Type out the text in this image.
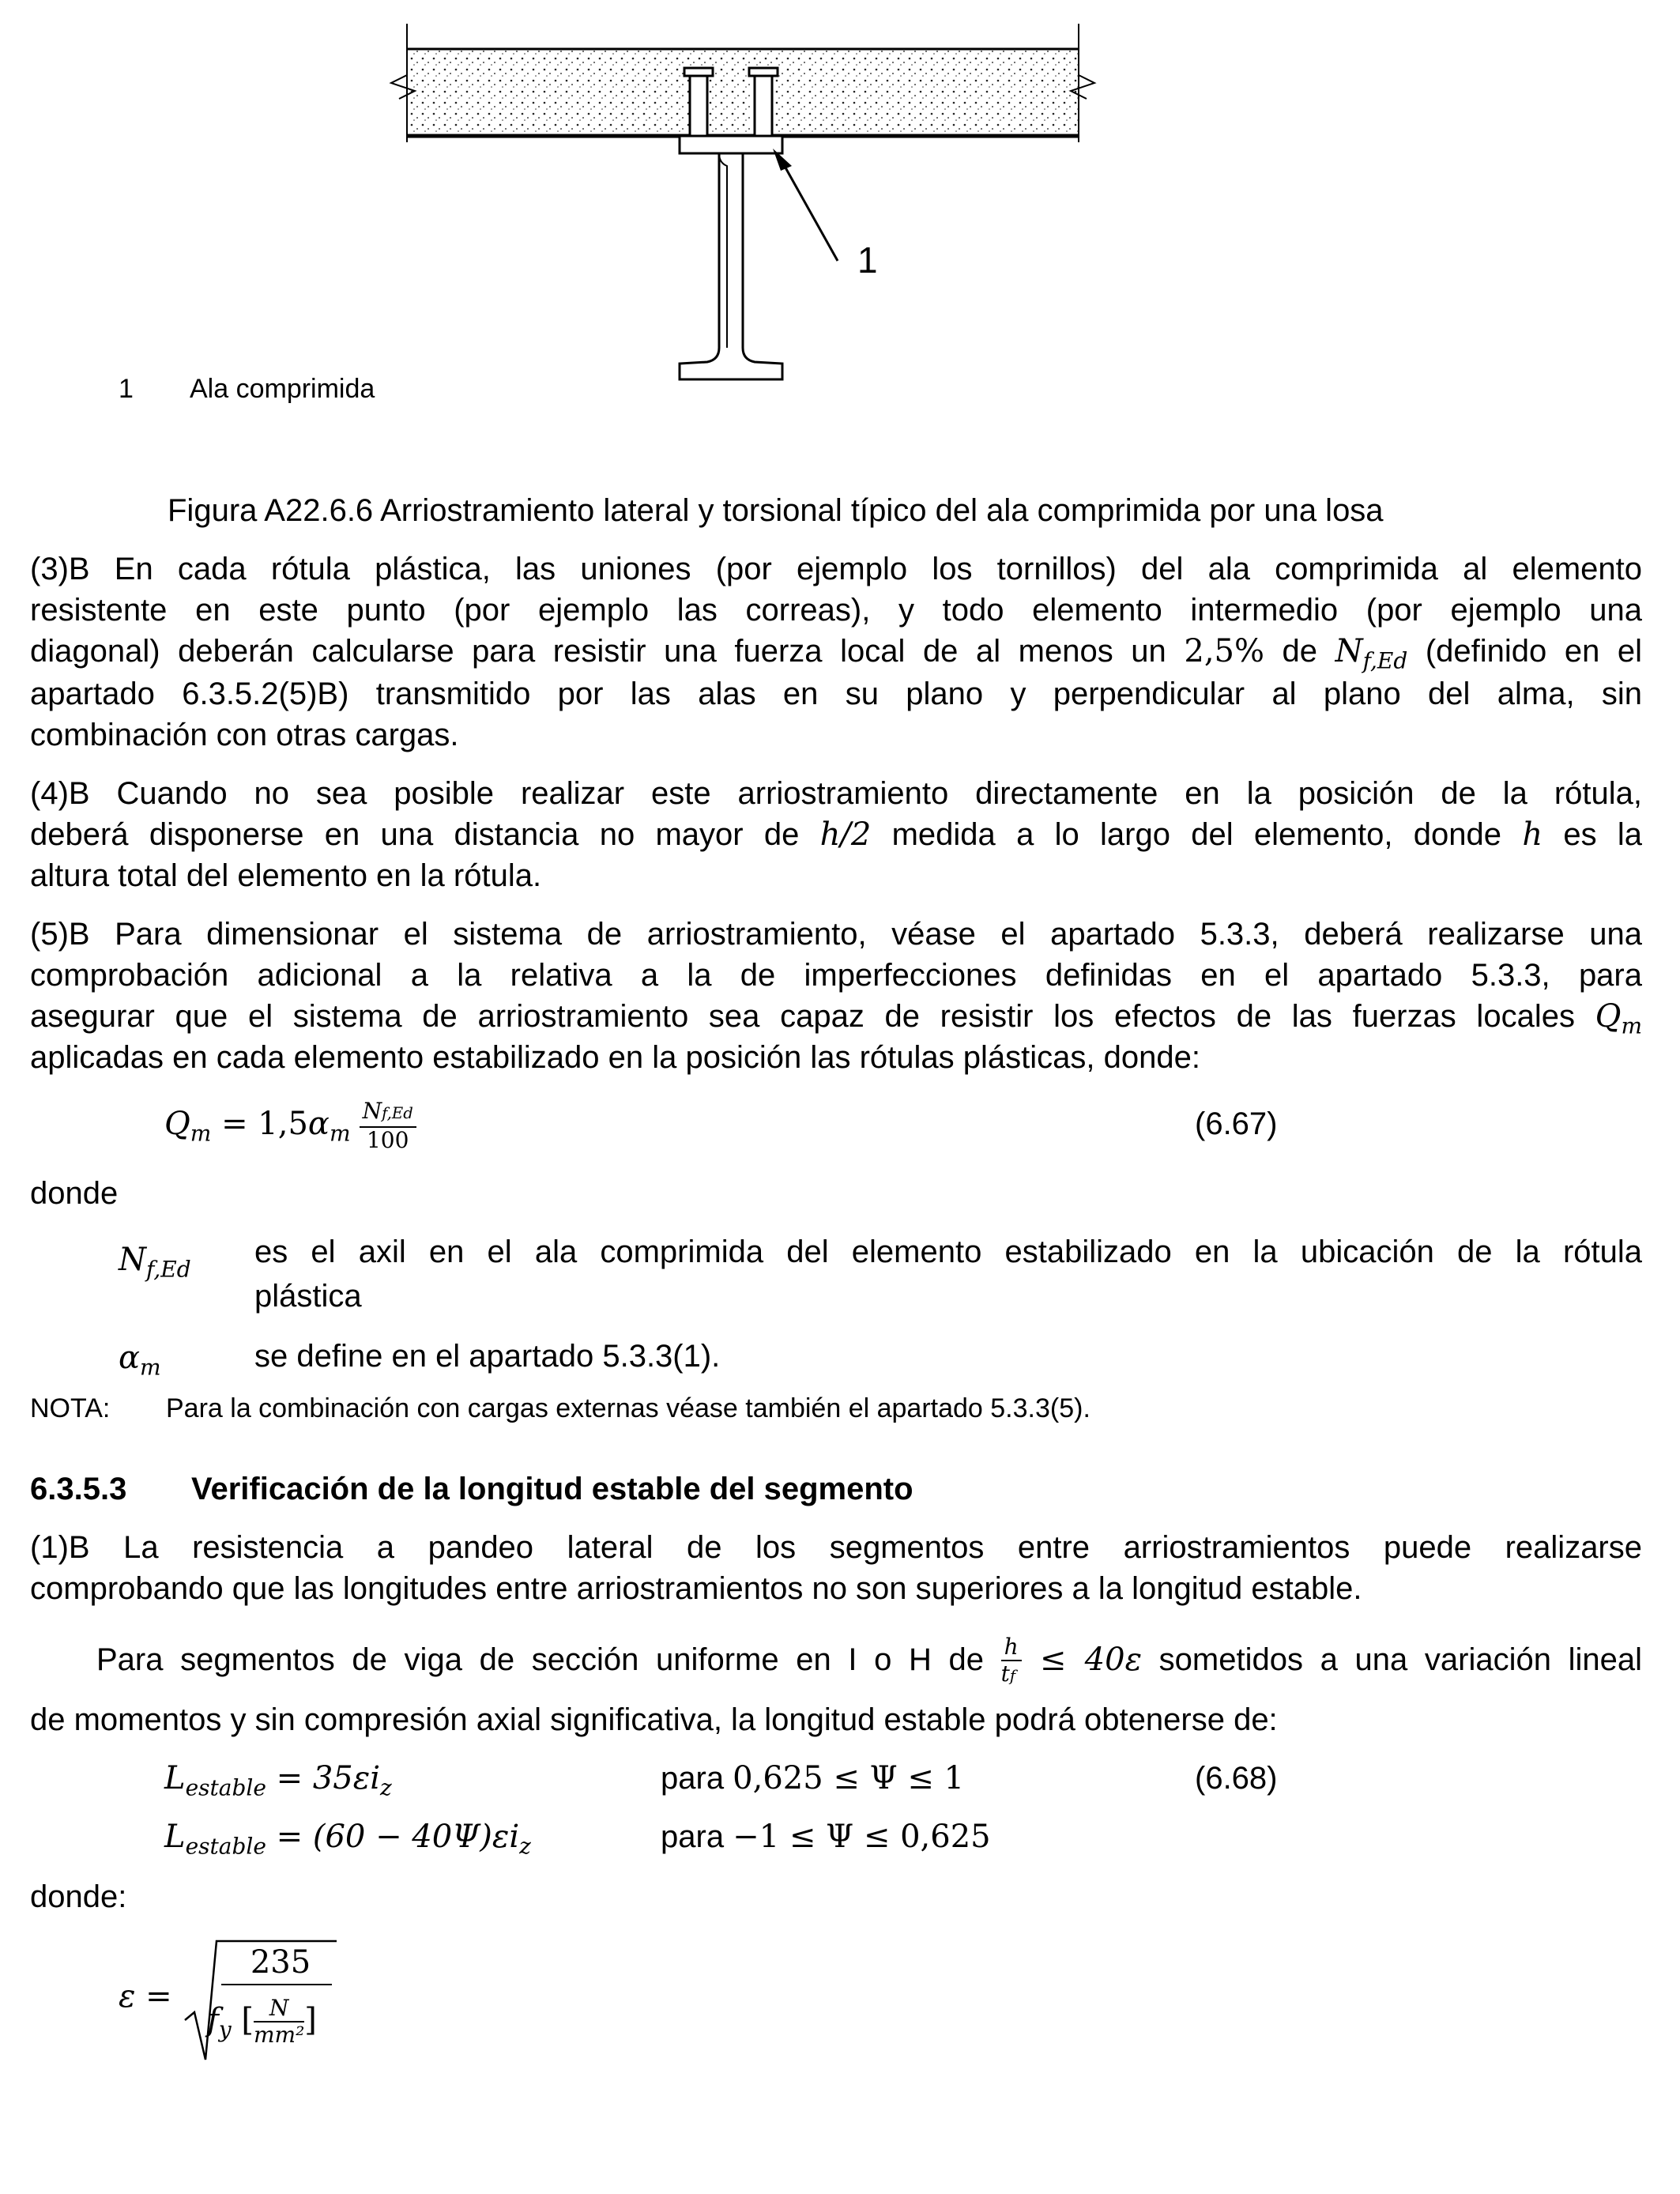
1
1 Ala comprimida
Figura A22.6.6 Arriostramiento lateral y torsional típico del ala comprimida por una losa
(3)B En cada rótula plástica, las uniones (por ejemplo los tornillos) del ala comprimida al elemento
resistente en este punto (por ejemplo las correas), y todo elemento intermedio (por ejemplo una
diagonal) deberán calcularse para resistir una fuerza local de al menos un 2,5% de $N_{f,Ed}$ (definido en el
apartado 6.3.5.2(5)B) transmitido por las alas en su plano y perpendicular al plano del alma, sin
combinación con otras cargas.
(4)B Cuando no sea posible realizar este arriostramiento directamente en la posición de la rótula,
deberá disponerse en una distancia no mayor de h/2 medida a lo largo del elemento, donde h es la
altura total del elemento en la rótula.
(5)B Para dimensionar el sistema de arriostramiento, véase el apartado 5.3.3, deberá realizarse una
comprobación adicional a la relativa a la de imperfecciones definidas en el apartado 5.3.3, para
asegurar que el sistema de arriostramiento sea capaz de resistir los efectos de las fuerzas locales $Q_m$
aplicadas en cada elemento estabilizado en la posición las rótulas plásticas, donde:
$Q_m = 1,5\alpha_m \frac{Nf,Ed}{100}$	(6.67)
donde
$N_{f,Ed}$ es el axil en el ala comprimida del elemento estabilizado en la ubicación de la rótula
plástica
$\alpha_m$	se define en el apartado 5.3.3(1).
NOTA: Para la combinación con cargas externas véase también el apartado 5.3.3(5).
6.3.5.3 Verificación de la longitud estable del segmento
(1)B La resistencia a pandeo lateral de los segmentos entre arriostramientos puede realizarse
comprobando que las longitudes entre arriostramientos no son superiores a la longitud estable.
Para segmentos de viga de sección uniforme en I o H de $\frac{h}{tf} \le 40\varepsilon$ sometidos a una variación lineal
de momentos y sin compresión axial significativa, la longitud estable podrá obtenerse de:
$L_{estable} = 35\varepsilon i_z$	para 0,625 ≤ Ψ ≤ 1	(6.68)
$L_{estable} = (60 - 40\Psi)\varepsilon i_z$	para −1 ≤ Ψ ≤ 0,625
donde:
ε =
235
$f_y$ [ $\frac{N}{\text{mm²}}$ ]
